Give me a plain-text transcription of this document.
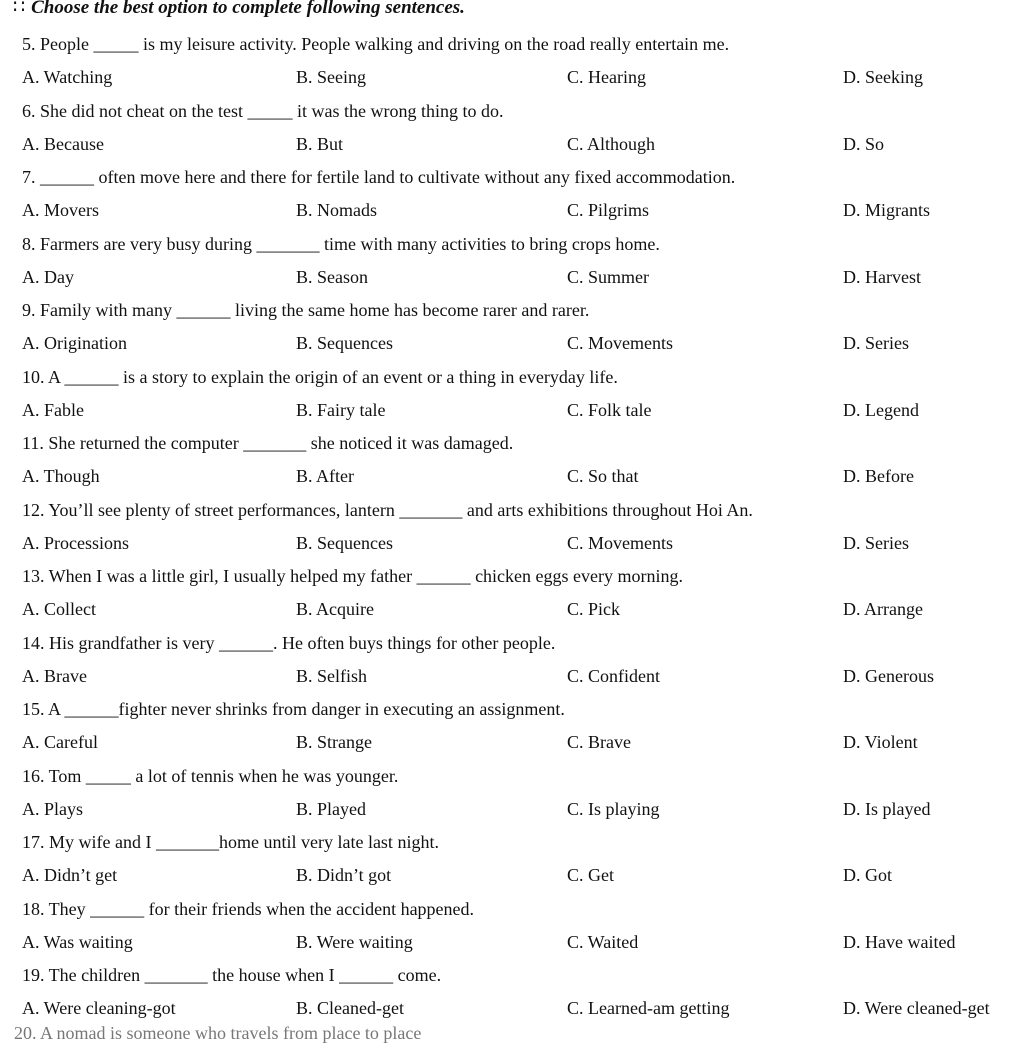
∷ Choose the best option to complete following sentences.
5. People _____ is my leisure activity. People walking and driving on the road really entertain me.
A. Watching	B. Seeing	C. Hearing	D. Seeking
6. She did not cheat on the test _____ it was the wrong thing to do.
A. Because	B. But	C. Although	D. So
7. ______ often move here and there for fertile land to cultivate without any fixed accommodation.
A. Movers	B. Nomads	C. Pilgrims	D. Migrants
8. Farmers are very busy during _______ time with many activities to bring crops home.
A. Day	B. Season	C. Summer	D. Harvest
9. Family with many ______ living the same home has become rarer and rarer.
A. Origination	B. Sequences	C. Movements	D. Series
10. A ______ is a story to explain the origin of an event or a thing in everyday life.
A. Fable	B. Fairy tale	C. Folk tale	D. Legend
11. She returned the computer _______ she noticed it was damaged.
A. Though	B. After	C. So that	D. Before
12. You’ll see plenty of street performances, lantern _______ and arts exhibitions throughout Hoi An.
A. Processions	B. Sequences	C. Movements	D. Series
13. When I was a little girl, I usually helped my father ______ chicken eggs every morning.
A. Collect	B. Acquire	C. Pick	D. Arrange
14. His grandfather is very ______. He often buys things for other people.
A. Brave	B. Selfish	C. Confident	D. Generous
15. A ______fighter never shrinks from danger in executing an assignment.
A. Careful	B. Strange	C. Brave	D. Violent
16. Tom _____ a lot of tennis when he was younger.
A. Plays	B. Played	C. Is playing	D. Is played
17. My wife and I _______home until very late last night.
A. Didn’t get	B. Didn’t got	C. Get	D. Got
18. They ______ for their friends when the accident happened.
A. Was waiting	B. Were waiting	C. Waited	D. Have waited
19. The children _______ the house when I ______ come.
A. Were cleaning-got	B. Cleaned-get	C. Learned-am getting	D. Were cleaned-get
20. A nomad is someone who travels from place to place
